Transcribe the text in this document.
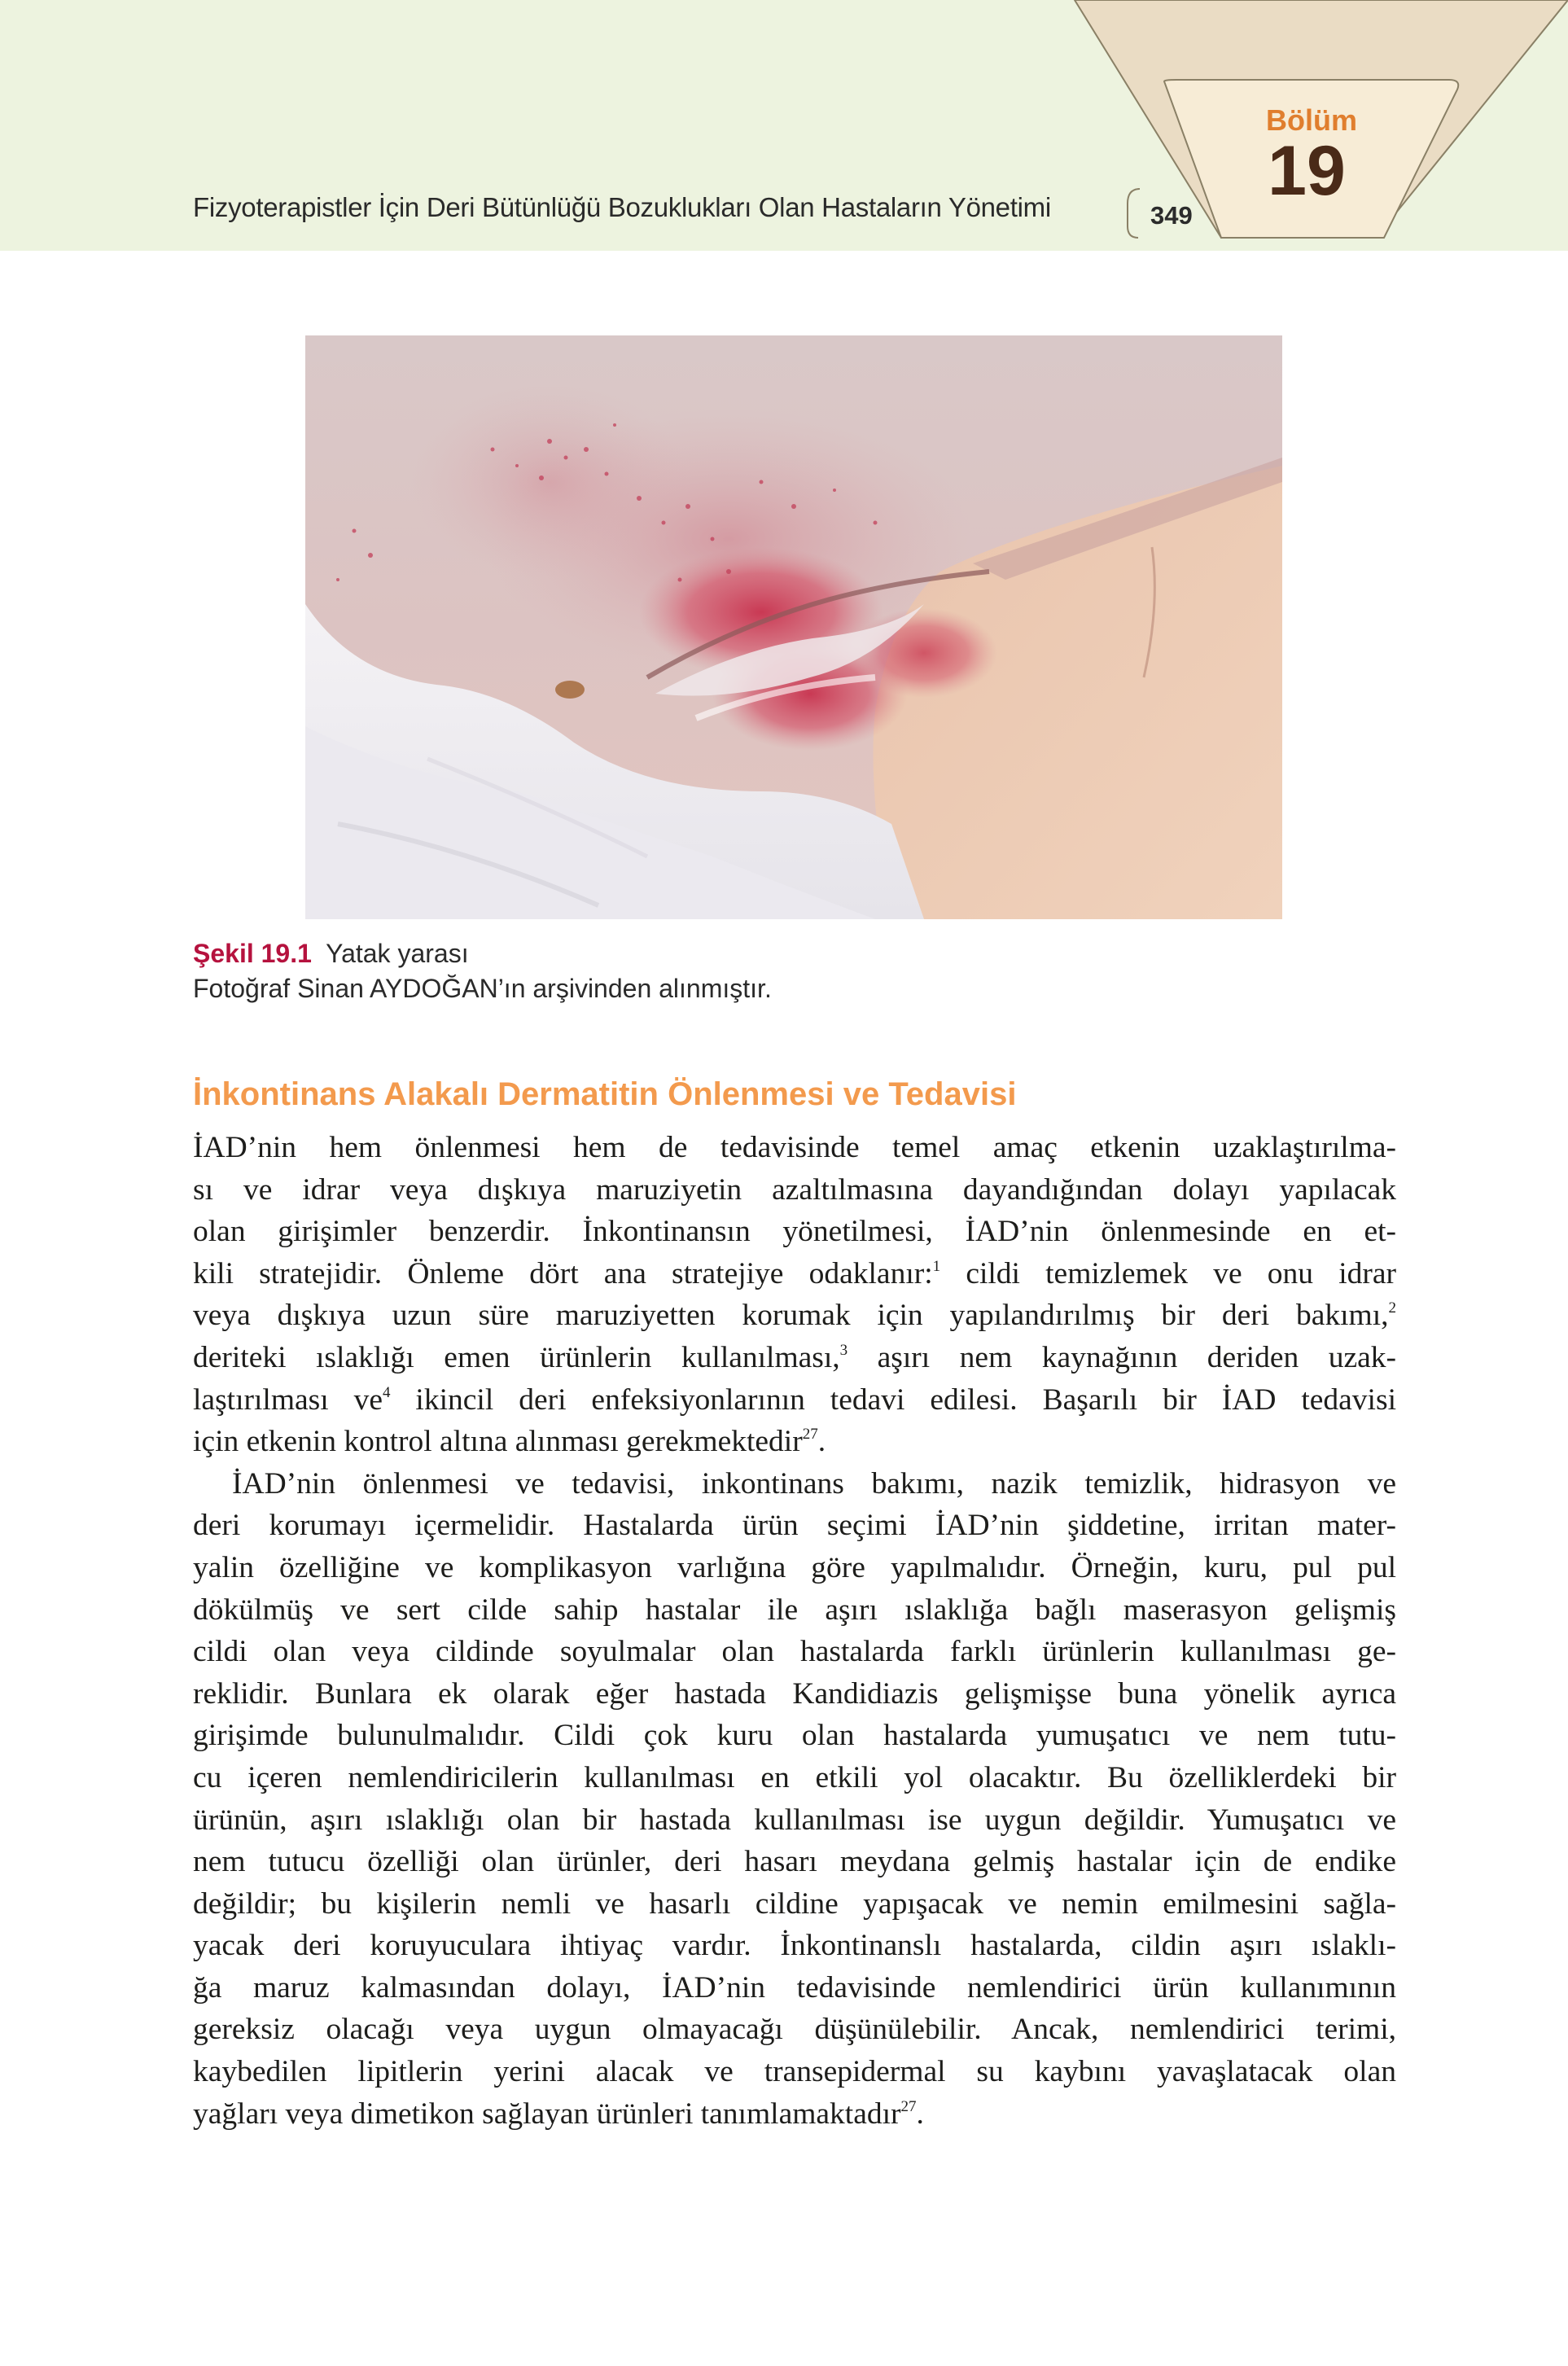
Fizyoterapistler İçin Deri Bütünlüğü Bozuklukları Olan Hastaların Yönetimi	349
Bölüm
19
Şekil 19.1 Yatak yarası
Fotoğraf Sinan AYDOĞAN’ın arşivinden alınmıştır.
İnkontinans Alakalı Dermatitin Önlenmesi ve Tedavisi
İAD’nin hem önlenmesi hem de tedavisinde temel amaç etkenin uzaklaştırılma-
sı ve idrar veya dışkıya maruziyetin azaltılmasına dayandığından dolayı yapılacak
olan girişimler benzerdir. İnkontinansın yönetilmesi, İAD’nin önlenmesinde en et-
kili stratejidir. Önleme dört ana stratejiye odaklanır:$^1$ cildi temizlemek ve onu idrar
veya dışkıya uzun süre maruziyetten korumak için yapılandırılmış bir deri bakımı,$^2$
deriteki ıslaklığı emen ürünlerin kullanılması,$^3$ aşırı nem kaynağının deriden uzak-
laştırılması $ve^4$ ikincil deri enfeksiyonlarının tedavi edilesi. Başarılı bir İAD tedavisi
için etkenin kontrol altına alınması gerekmektedir$^{27}$.
İAD’nin önlenmesi ve tedavisi, inkontinans bakımı, nazik temizlik, hidrasyon ve
deri korumayı içermelidir. Hastalarda ürün seçimi İAD’nin şiddetine, irritan mater-
yalin özelliğine ve komplikasyon varlığına göre yapılmalıdır. Örneğin, kuru, pul pul
dökülmüş ve sert cilde sahip hastalar ile aşırı ıslaklığa bağlı maserasyon gelişmiş
cildi olan veya cildinde soyulmalar olan hastalarda farklı ürünlerin kullanılması ge-
reklidir. Bunlara ek olarak eğer hastada Kandidiazis gelişmişse buna yönelik ayrıca
girişimde bulunulmalıdır. Cildi çok kuru olan hastalarda yumuşatıcı ve nem tutu-
cu içeren nemlendiricilerin kullanılması en etkili yol olacaktır. Bu özelliklerdeki bir
ürünün, aşırı ıslaklığı olan bir hastada kullanılması ise uygun değildir. Yumuşatıcı ve
nem tutucu özelliği olan ürünler, deri hasarı meydana gelmiş hastalar için de endike
değildir; bu kişilerin nemli ve hasarlı cildine yapışacak ve nemin emilmesini sağla-
yacak deri koruyuculara ihtiyaç vardır. İnkontinanslı hastalarda, cildin aşırı ıslaklı-
ğa maruz kalmasından dolayı, İAD’nin tedavisinde nemlendirici ürün kullanımının
gereksiz olacağı veya uygun olmayacağı düşünülebilir. Ancak, nemlendirici terimi,
kaybedilen lipitlerin yerini alacak ve transepidermal su kaybını yavaşlatacak olan
yağları veya dimetikon sağlayan ürünleri tanımlamaktadır$^{27}$.
